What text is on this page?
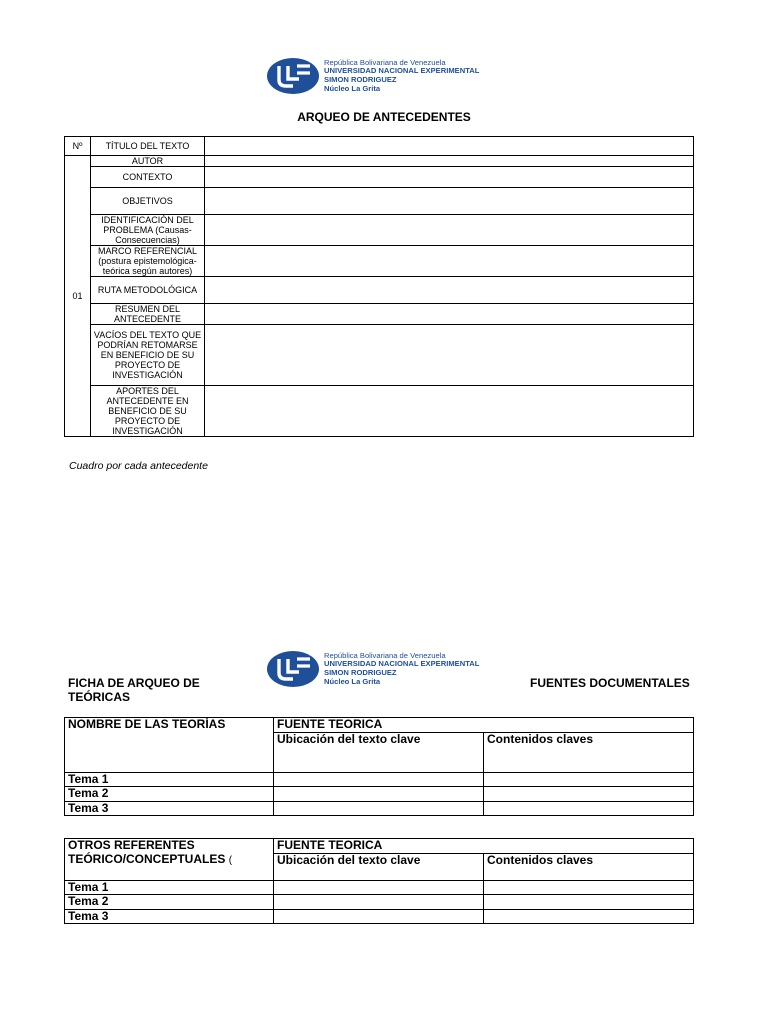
República Bolivariana de Venezuela
UNIVERSIDAD NACIONAL EXPERIMENTAL
SIMON RODRIGUEZ
Núcleo La Grita
ARQUEO DE ANTECEDENTES
Nº	TÍTULO DEL TEXTO	
01	AUTOR	
	CONTEXTO	
	OBJETIVOS	
	IDENTIFICACIÓN DEL PROBLEMA (Causas-Consecuencias)	
	MARCO REFERENCIAL (postura epistemológica-teórica según autores)	
	RUTA METODOLÓGICA	
	RESUMEN DEL ANTECEDENTE	
	VACÍOS DEL TEXTO QUE PODRÍAN RETOMARSE EN BENEFICIO DE SU PROYECTO DE INVESTIGACIÓN	
	APORTES DEL ANTECEDENTE EN BENEFICIO DE SU PROYECTO DE INVESTIGACIÓN	
Cuadro por cada antecedente
República Bolivariana de Venezuela
UNIVERSIDAD NACIONAL EXPERIMENTAL
SIMON RODRIGUEZ
Núcleo La Grita
FICHA DE ARQUEO DE TEÓRICAS
FUENTES DOCUMENTALES
NOMBRE DE LAS TEORÍAS	FUENTE TEORICA	
	Ubicación del texto clave	Contenidos claves
Tema 1		
Tema 2		
Tema 3		
OTROS REFERENTES TEÓRICO/CONCEPTUALES (	FUENTE TEORICA	
	Ubicación del texto clave	Contenidos claves
Tema 1		
Tema 2		
Tema 3		
